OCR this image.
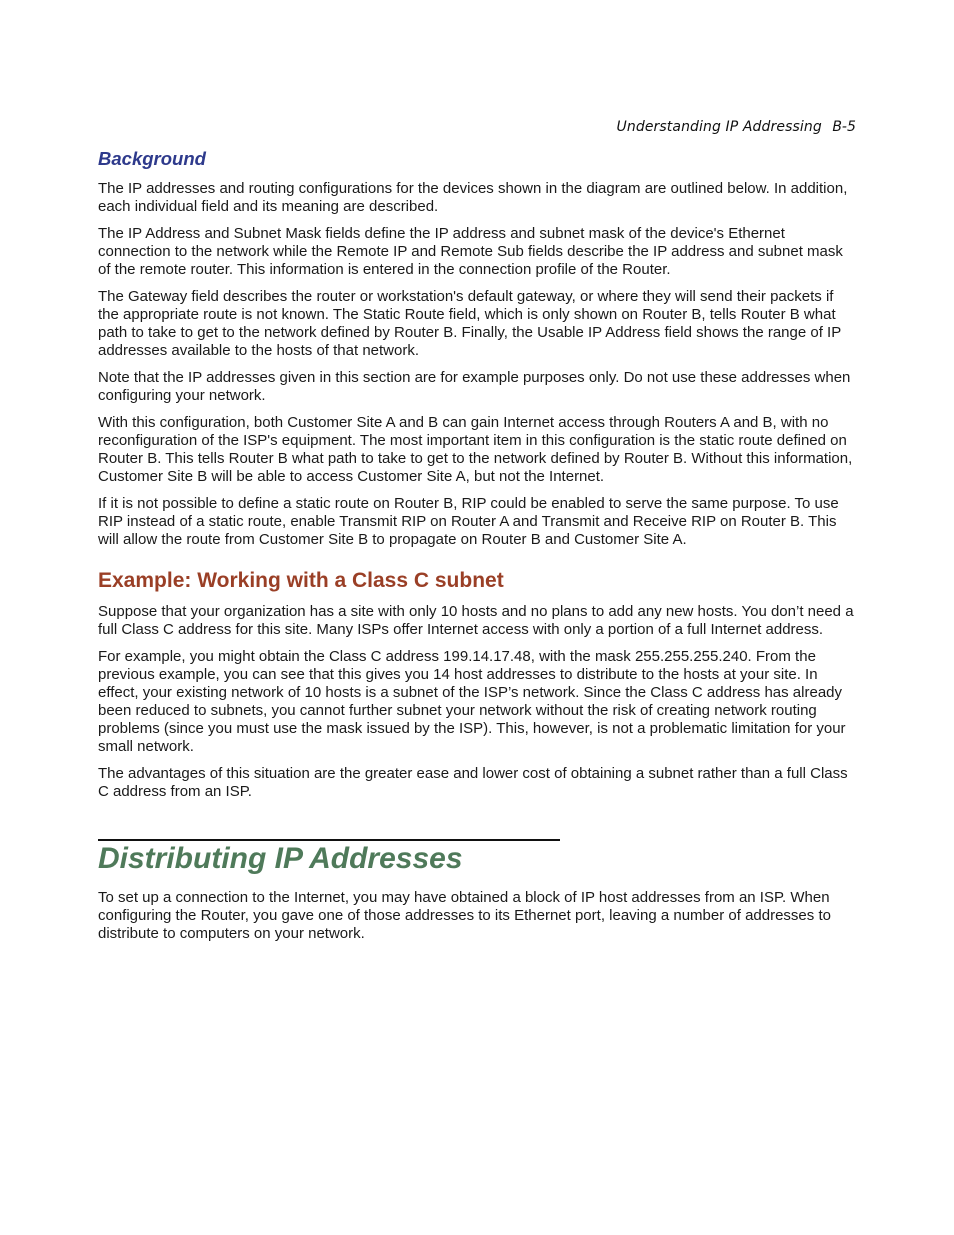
Understanding IP Addressing B-5
Background

The IP addresses and routing configurations for the devices shown in the diagram are outlined below. In addition, each individual field and its meaning are described.

The IP Address and Subnet Mask fields define the IP address and subnet mask of the device's Ethernet connection to the network while the Remote IP and Remote Sub fields describe the IP address and subnet mask of the remote router. This information is entered in the connection profile of the Router.

The Gateway field describes the router or workstation's default gateway, or where they will send their packets if the appropriate route is not known. The Static Route field, which is only shown on Router B, tells Router B what path to take to get to the network defined by Router B. Finally, the Usable IP Address field shows the range of IP addresses available to the hosts of that network.

Note that the IP addresses given in this section are for example purposes only. Do not use these addresses when configuring your network.

With this configuration, both Customer Site A and B can gain Internet access through Routers A and B, with no reconfiguration of the ISP's equipment. The most important item in this configuration is the static route defined on Router B. This tells Router B what path to take to get to the network defined by Router B. Without this information, Customer Site B will be able to access Customer Site A, but not the Internet.

If it is not possible to define a static route on Router B, RIP could be enabled to serve the same purpose. To use RIP instead of a static route, enable Transmit RIP on Router A and Transmit and Receive RIP on Router B. This will allow the route from Customer Site B to propagate on Router B and Customer Site A.

Example: Working with a Class C subnet

Suppose that your organization has a site with only 10 hosts and no plans to add any new hosts. You don’t need a full Class C address for this site. Many ISPs offer Internet access with only a portion of a full Internet address.

For example, you might obtain the Class C address 199.14.17.48, with the mask 255.255.255.240. From the previous example, you can see that this gives you 14 host addresses to distribute to the hosts at your site. In effect, your existing network of 10 hosts is a subnet of the ISP’s network. Since the Class C address has already been reduced to subnets, you cannot further subnet your network without the risk of creating network routing problems (since you must use the mask issued by the ISP). This, however, is not a problematic limitation for your small network.

The advantages of this situation are the greater ease and lower cost of obtaining a subnet rather than a full Class C address from an ISP.

Distributing IP Addresses

To set up a connection to the Internet, you may have obtained a block of IP host addresses from an ISP. When configuring the Router, you gave one of those addresses to its Ethernet port, leaving a number of addresses to distribute to computers on your network.
